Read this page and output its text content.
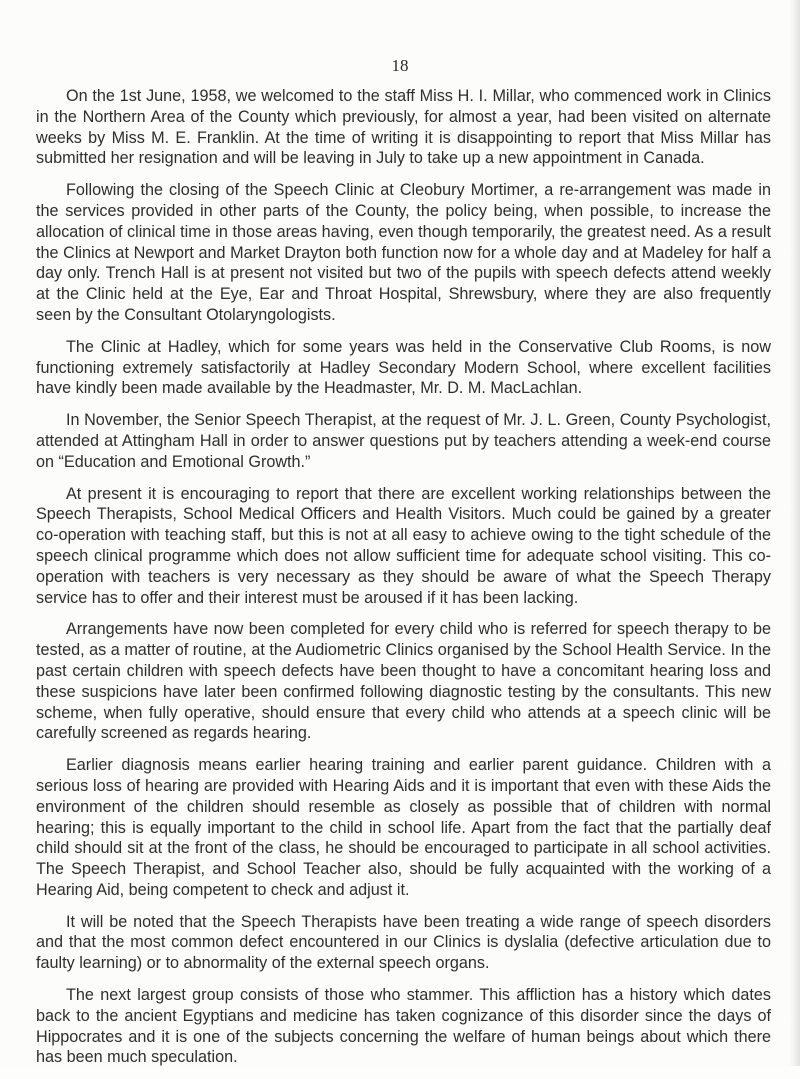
18

On the 1st June, 1958, we welcomed to the staff Miss H. I. Millar, who commenced work in Clinics in the Northern Area of the County which previously, for almost a year, had been visited on alternate weeks by Miss M. E. Franklin. At the time of writing it is disappointing to report that Miss Millar has submitted her resignation and will be leaving in July to take up a new appointment in Canada.

Following the closing of the Speech Clinic at Cleobury Mortimer, a re-arrangement was made in the services provided in other parts of the County, the policy being, when possible, to increase the allocation of clinical time in those areas having, even though temporarily, the greatest need. As a result the Clinics at Newport and Market Drayton both function now for a whole day and at Madeley for half a day only. Trench Hall is at present not visited but two of the pupils with speech defects attend weekly at the Clinic held at the Eye, Ear and Throat Hospital, Shrewsbury, where they are also frequently seen by the Consultant Otolaryngologists.

The Clinic at Hadley, which for some years was held in the Conservative Club Rooms, is now functioning extremely satisfactorily at Hadley Secondary Modern School, where excellent facilities have kindly been made available by the Headmaster, Mr. D. M. MacLachlan.

In November, the Senior Speech Therapist, at the request of Mr. J. L. Green, County Psychologist, attended at Attingham Hall in order to answer questions put by teachers attending a week-end course on “Education and Emotional Growth.”

At present it is encouraging to report that there are excellent working relationships between the Speech Therapists, School Medical Officers and Health Visitors. Much could be gained by a greater co-operation with teaching staff, but this is not at all easy to achieve owing to the tight schedule of the speech clinical programme which does not allow sufficient time for adequate school visiting. This co-operation with teachers is very necessary as they should be aware of what the Speech Therapy service has to offer and their interest must be aroused if it has been lacking.

Arrangements have now been completed for every child who is referred for speech therapy to be tested, as a matter of routine, at the Audiometric Clinics organised by the School Health Service. In the past certain children with speech defects have been thought to have a concomitant hearing loss and these suspicions have later been confirmed following diagnostic testing by the consultants. This new scheme, when fully operative, should ensure that every child who attends at a speech clinic will be carefully screened as regards hearing.

Earlier diagnosis means earlier hearing training and earlier parent guidance. Children with a serious loss of hearing are provided with Hearing Aids and it is important that even with these Aids the environment of the children should resemble as closely as possible that of children with normal hearing; this is equally important to the child in school life. Apart from the fact that the partially deaf child should sit at the front of the class, he should be encouraged to participate in all school activities. The Speech Therapist, and School Teacher also, should be fully acquainted with the working of a Hearing Aid, being competent to check and adjust it.

It will be noted that the Speech Therapists have been treating a wide range of speech disorders and that the most common defect encountered in our Clinics is dyslalia (defective articulation due to faulty learning) or to abnormality of the external speech organs.

The next largest group consists of those who stammer. This affliction has a history which dates back to the ancient Egyptians and medicine has taken cognizance of this disorder since the days of Hippocrates and it is one of the subjects concerning the welfare of human beings about which there has been much speculation.
